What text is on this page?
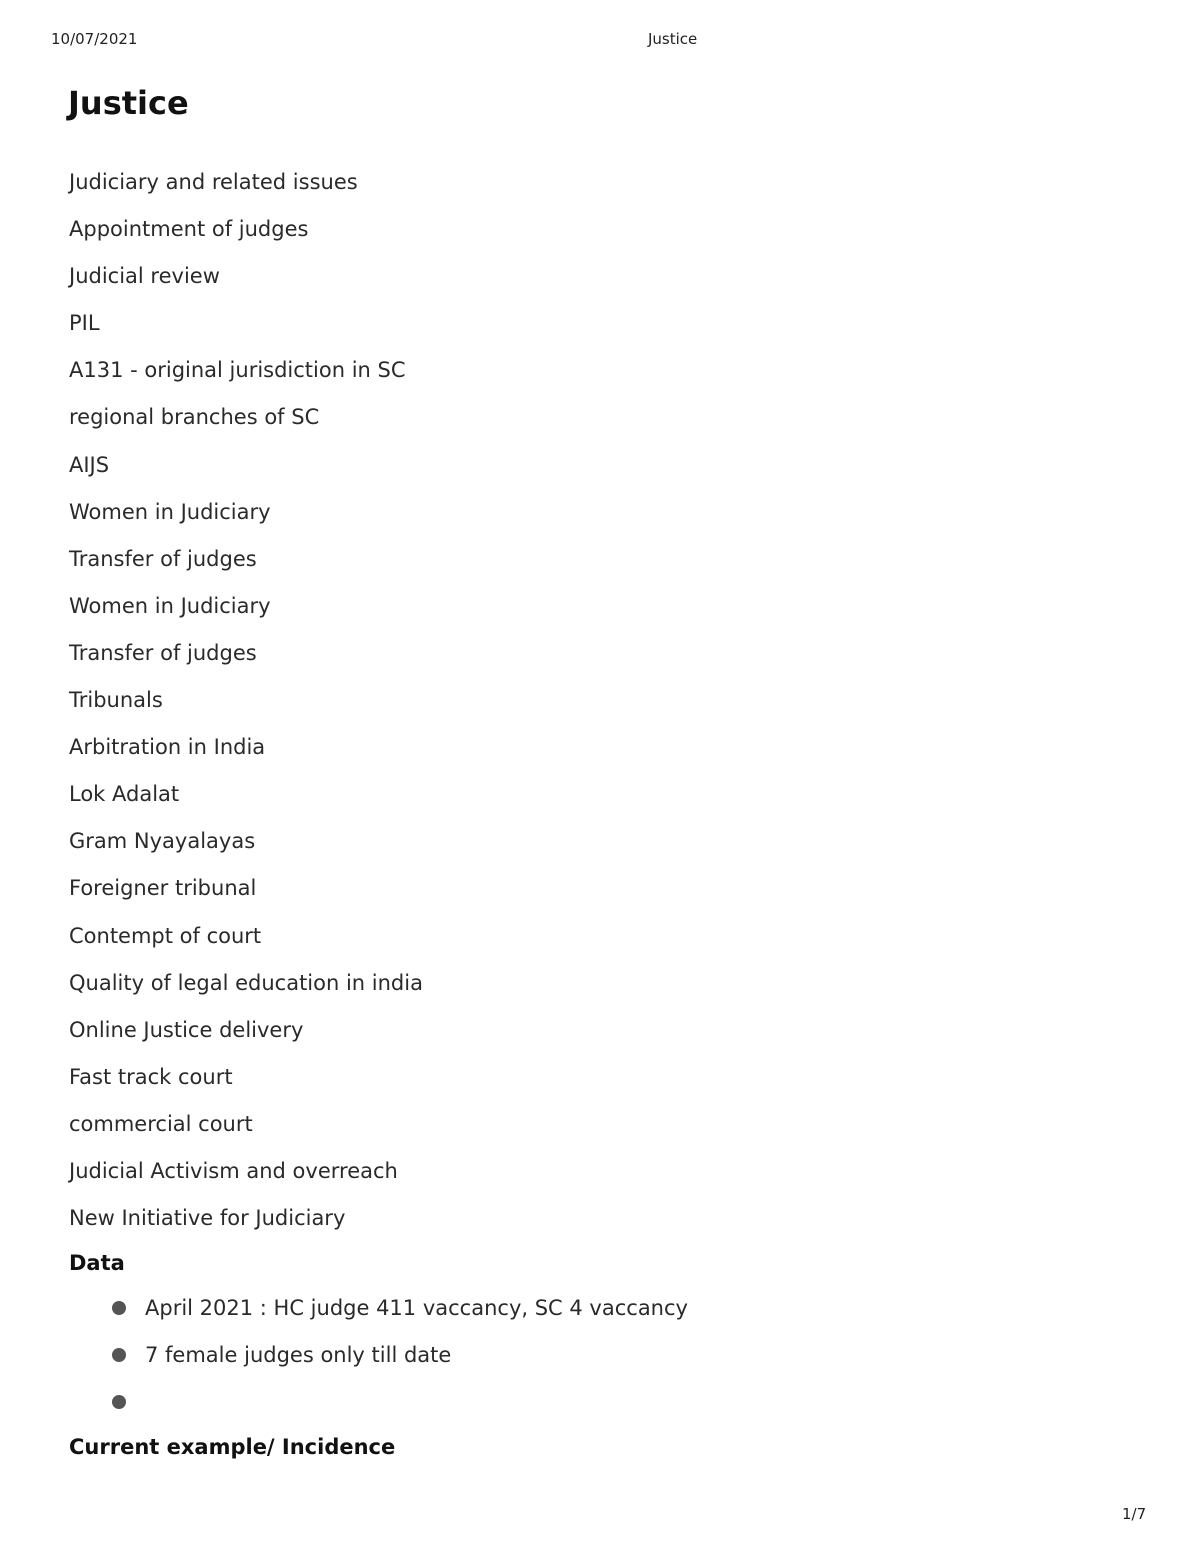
10/07/2021	Justice
Justice
Judiciary and related issues
Appointment of judges
Judicial review
PIL
A131 - original jurisdiction in SC
regional branches of SC
AIJS
Women in Judiciary
Transfer of judges
Women in Judiciary
Transfer of judges
Tribunals
Arbitration in India
Lok Adalat
Gram Nyayalayas
Foreigner tribunal
Contempt of court
Quality of legal education in india
Online Justice delivery
Fast track court
commercial court
Judicial Activism and overreach
New Initiative for Judiciary
Data
April 2021 : HC judge 411 vaccancy, SC 4 vaccancy
7 female judges only till date
Current example/ Incidence
1/7
